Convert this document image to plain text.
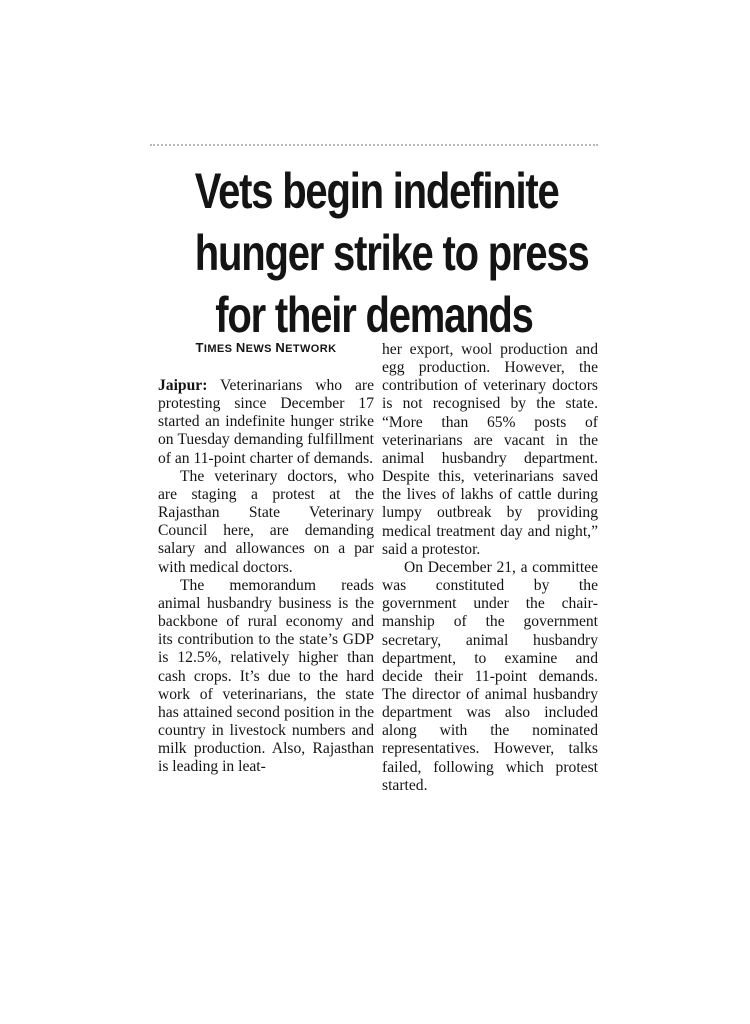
Vets begin indefinite
hunger strike to press
for their demands
TIMES NEWS NETWORK

Jaipur: Veterinarians who are protesting since December 17 started an indefinite hunger strike on Tuesday demanding fulfillment of an 11-point charter of demands.

The veterinary doctors, who are staging a protest at the Rajasthan State Veterinary Council here, are demanding salary and allowances on a par with medical doctors.

The memorandum reads animal husbandry business is the backbone of rural economy and its contribution to the state’s GDP is 12.5%, relatively higher than cash crops. It’s due to the hard work of veterinarians, the state has attained second position in the country in livestock numbers and milk production. Also, Rajasthan is leading in leat-

her export, wool production and egg production. However, the contribution of veterinary doctors is not recognised by the state. “More than 65% posts of veterinarians are vacant in the animal husbandry department. Despite this, veterinarians saved the lives of lakhs of cattle during lumpy outbreak by providing medical treatment day and night,” said a protestor.

On December 21, a committee was constituted by the government under the chairmanship of the government secretary, animal husbandry department, to examine and decide their 11-point demands. The director of animal husbandry department was also included along with the nominated representatives. However, talks failed, following which protest started.
